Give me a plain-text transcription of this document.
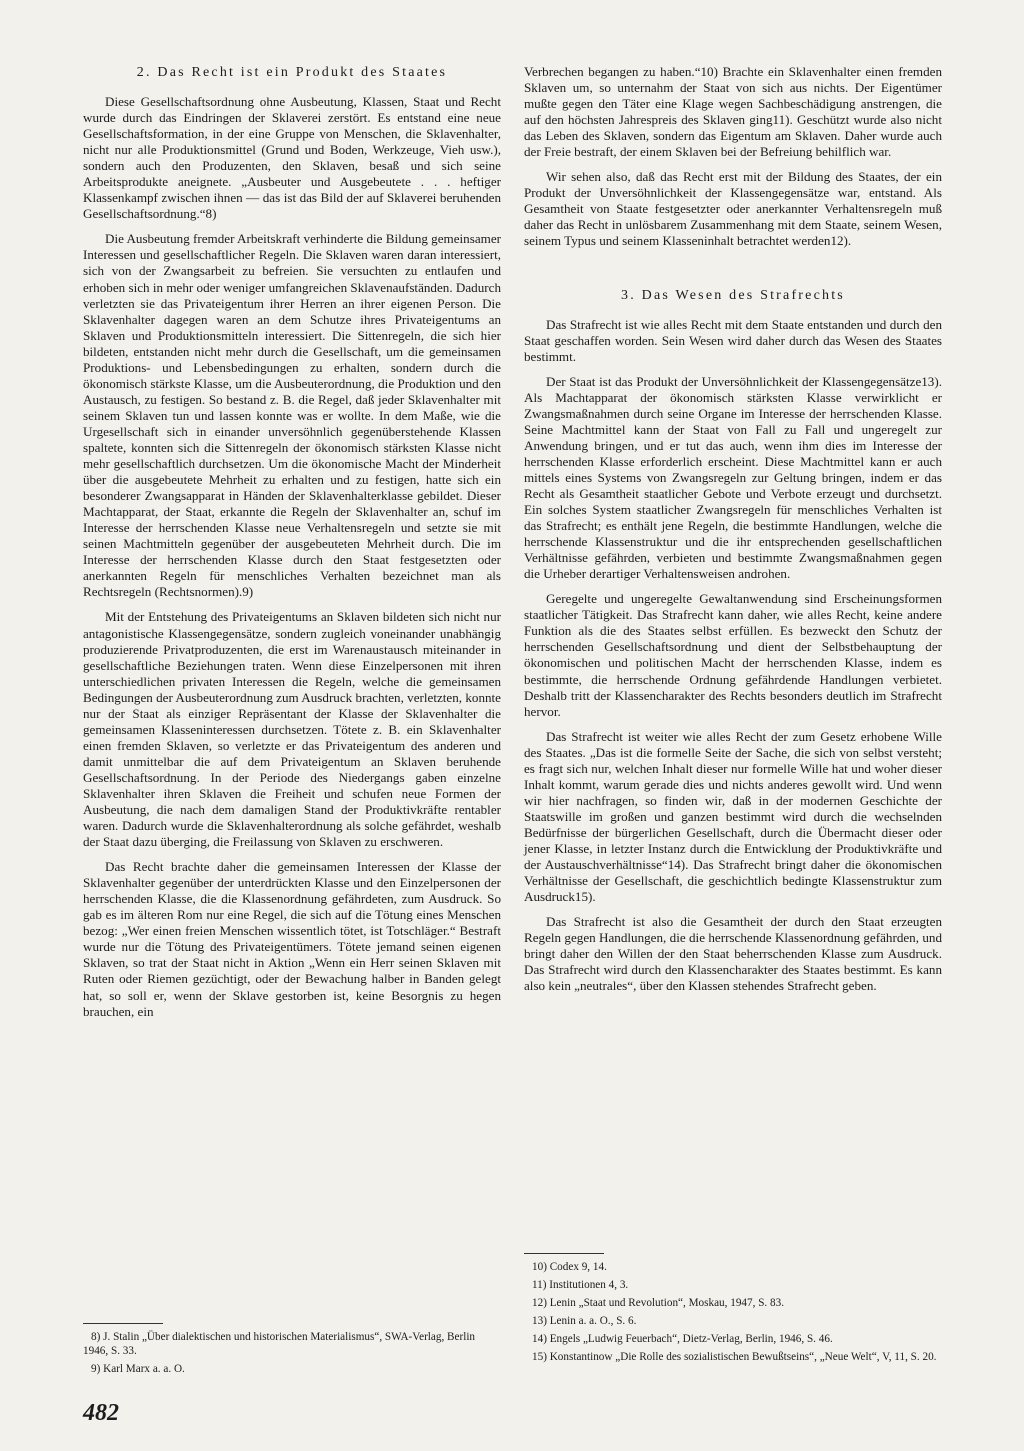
2. Das Recht ist ein Produkt des Staates

Diese Gesellschaftsordnung ohne Ausbeutung, Klassen, Staat und Recht wurde durch das Eindringen der Sklaverei zerstört. Es entstand eine neue Gesellschaftsformation, in der eine Gruppe von Menschen, die Sklavenhalter, nicht nur alle Produktionsmittel (Grund und Boden, Werkzeuge, Vieh usw.), sondern auch den Produzenten, den Sklaven, besaß und sich seine Arbeitsprodukte aneignete. „Ausbeuter und Ausgebeutete . . . heftiger Klassenkampf zwischen ihnen — das ist das Bild der auf Sklaverei beruhenden Gesellschaftsordnung.“8)

Die Ausbeutung fremder Arbeitskraft verhinderte die Bildung gemeinsamer Interessen und gesellschaftlicher Regeln. Die Sklaven waren daran interessiert, sich von der Zwangsarbeit zu befreien. Sie versuchten zu entlaufen und erhoben sich in mehr oder weniger umfangreichen Sklavenaufständen. Dadurch verletzten sie das Privateigentum ihrer Herren an ihrer eigenen Person. Die Sklavenhalter dagegen waren an dem Schutze ihres Privateigentums an Sklaven und Produktionsmitteln interessiert. Die Sittenregeln, die sich hier bildeten, entstanden nicht mehr durch die Gesellschaft, um die gemeinsamen Produktions- und Lebensbedingungen zu erhalten, sondern durch die ökonomisch stärkste Klasse, um die Ausbeuterordnung, die Produktion und den Austausch, zu festigen. So bestand z. B. die Regel, daß jeder Sklavenhalter mit seinem Sklaven tun und lassen konnte was er wollte. In dem Maße, wie die Urgesellschaft sich in einander unversöhnlich gegenüberstehende Klassen spaltete, konnten sich die Sittenregeln der ökonomisch stärksten Klasse nicht mehr gesellschaftlich durchsetzen. Um die ökonomische Macht der Minderheit über die ausgebeutete Mehrheit zu erhalten und zu festigen, hatte sich ein besonderer Zwangsapparat in Händen der Sklavenhalterklasse gebildet. Dieser Machtapparat, der Staat, erkannte die Regeln der Sklavenhalter an, schuf im Interesse der herrschenden Klasse neue Verhaltensregeln und setzte sie mit seinen Machtmitteln gegenüber der ausgebeuteten Mehrheit durch. Die im Interesse der herrschenden Klasse durch den Staat festgesetzten oder anerkannten Regeln für menschliches Verhalten bezeichnet man als Rechtsregeln (Rechtsnormen).9)

Mit der Entstehung des Privateigentums an Sklaven bildeten sich nicht nur antagonistische Klassengegensätze, sondern zugleich voneinander unabhängig produzierende Privatproduzenten, die erst im Warenaustausch miteinander in gesellschaftliche Beziehungen traten. Wenn diese Einzelpersonen mit ihren unterschiedlichen privaten Interessen die Regeln, welche die gemeinsamen Bedingungen der Ausbeuterordnung zum Ausdruck brachten, verletzten, konnte nur der Staat als einziger Repräsentant der Klasse der Sklavenhalter die gemeinsamen Klasseninteressen durchsetzen. Tötete z. B. ein Sklavenhalter einen fremden Sklaven, so verletzte er das Privateigentum des anderen und damit unmittelbar die auf dem Privateigentum an Sklaven beruhende Gesellschaftsordnung. In der Periode des Niedergangs gaben einzelne Sklavenhalter ihren Sklaven die Freiheit und schufen neue Formen der Ausbeutung, die nach dem damaligen Stand der Produktivkräfte rentabler waren. Dadurch wurde die Sklavenhalterordnung als solche gefährdet, weshalb der Staat dazu überging, die Freilassung von Sklaven zu erschweren.

Das Recht brachte daher die gemeinsamen Interessen der Klasse der Sklavenhalter gegenüber der unterdrückten Klasse und den Einzelpersonen der herrschenden Klasse, die die Klassenordnung gefährdeten, zum Ausdruck. So gab es im älteren Rom nur eine Regel, die sich auf die Tötung eines Menschen bezog: „Wer einen freien Menschen wissentlich tötet, ist Totschläger.“ Bestraft wurde nur die Tötung des Privateigentümers. Tötete jemand seinen eigenen Sklaven, so trat der Staat nicht in Aktion „Wenn ein Herr seinen Sklaven mit Ruten oder Riemen gezüchtigt, oder der Bewachung halber in Banden gelegt hat, so soll er, wenn der Sklave gestorben ist, keine Besorgnis zu hegen brauchen, ein

Verbrechen begangen zu haben.“10) Brachte ein Sklavenhalter einen fremden Sklaven um, so unternahm der Staat von sich aus nichts. Der Eigentümer mußte gegen den Täter eine Klage wegen Sachbeschädigung anstrengen, die auf den höchsten Jahrespreis des Sklaven ging11). Geschützt wurde also nicht das Leben des Sklaven, sondern das Eigentum am Sklaven. Daher wurde auch der Freie bestraft, der einem Sklaven bei der Befreiung behilflich war.

Wir sehen also, daß das Recht erst mit der Bildung des Staates, der ein Produkt der Unversöhnlichkeit der Klassengegensätze war, entstand. Als Gesamtheit von Staate festgesetzter oder anerkannter Verhaltensregeln muß daher das Recht in unlösbarem Zusammenhang mit dem Staate, seinem Wesen, seinem Typus und seinem Klasseninhalt betrachtet werden12).

3. Das Wesen des Strafrechts

Das Strafrecht ist wie alles Recht mit dem Staate entstanden und durch den Staat geschaffen worden. Sein Wesen wird daher durch das Wesen des Staates bestimmt.

Der Staat ist das Produkt der Unversöhnlichkeit der Klassengegensätze13). Als Machtapparat der ökonomisch stärksten Klasse verwirklicht er Zwangsmaßnahmen durch seine Organe im Interesse der herrschenden Klasse. Seine Machtmittel kann der Staat von Fall zu Fall und ungeregelt zur Anwendung bringen, und er tut das auch, wenn ihm dies im Interesse der herrschenden Klasse erforderlich erscheint. Diese Machtmittel kann er auch mittels eines Systems von Zwangsregeln zur Geltung bringen, indem er das Recht als Gesamtheit staatlicher Gebote und Verbote erzeugt und durchsetzt. Ein solches System staatlicher Zwangsregeln für menschliches Verhalten ist das Strafrecht; es enthält jene Regeln, die bestimmte Handlungen, welche die herrschende Klassenstruktur und die ihr entsprechenden gesellschaftlichen Verhältnisse gefährden, verbieten und bestimmte Zwangsmaßnahmen gegen die Urheber derartiger Verhaltensweisen androhen.

Geregelte und ungeregelte Gewaltanwendung sind Erscheinungsformen staatlicher Tätigkeit. Das Strafrecht kann daher, wie alles Recht, keine andere Funktion als die des Staates selbst erfüllen. Es bezweckt den Schutz der herrschenden Gesellschaftsordnung und dient der Selbstbehauptung der ökonomischen und politischen Macht der herrschenden Klasse, indem es bestimmte, die herrschende Ordnung gefährdende Handlungen verbietet. Deshalb tritt der Klassencharakter des Rechts besonders deutlich im Strafrecht hervor.

Das Strafrecht ist weiter wie alles Recht der zum Gesetz erhobene Wille des Staates. „Das ist die formelle Seite der Sache, die sich von selbst versteht; es fragt sich nur, welchen Inhalt dieser nur formelle Wille hat und woher dieser Inhalt kommt, warum gerade dies und nichts anderes gewollt wird. Und wenn wir hier nachfragen, so finden wir, daß in der modernen Geschichte der Staatswille im großen und ganzen bestimmt wird durch die wechselnden Bedürfnisse der bürgerlichen Gesellschaft, durch die Übermacht dieser oder jener Klasse, in letzter Instanz durch die Entwicklung der Produktivkräfte und der Austauschverhältnisse“14). Das Strafrecht bringt daher die ökonomischen Verhältnisse der Gesellschaft, die geschichtlich bedingte Klassenstruktur zum Ausdruck15).

Das Strafrecht ist also die Gesamtheit der durch den Staat erzeugten Regeln gegen Handlungen, die die herrschende Klassenordnung gefährden, und bringt daher den Willen der den Staat beherrschenden Klasse zum Ausdruck. Das Strafrecht wird durch den Klassencharakter des Staates bestimmt. Es kann also kein „neutrales“, über den Klassen stehendes Strafrecht geben.

8) J. Stalin „Über dialektischen und historischen Materialismus“, SWA-Verlag, Berlin 1946, S. 33.

9) Karl Marx a. a. O.

10) Codex 9, 14.

11) Institutionen 4, 3.

12) Lenin „Staat und Revolution“, Moskau, 1947, S. 83.

13) Lenin a. a. O., S. 6.

14) Engels „Ludwig Feuerbach“, Dietz-Verlag, Berlin, 1946, S. 46.

15) Konstantinow „Die Rolle des sozialistischen Bewußtseins“, „Neue Welt“, V, 11, S. 20.

482
